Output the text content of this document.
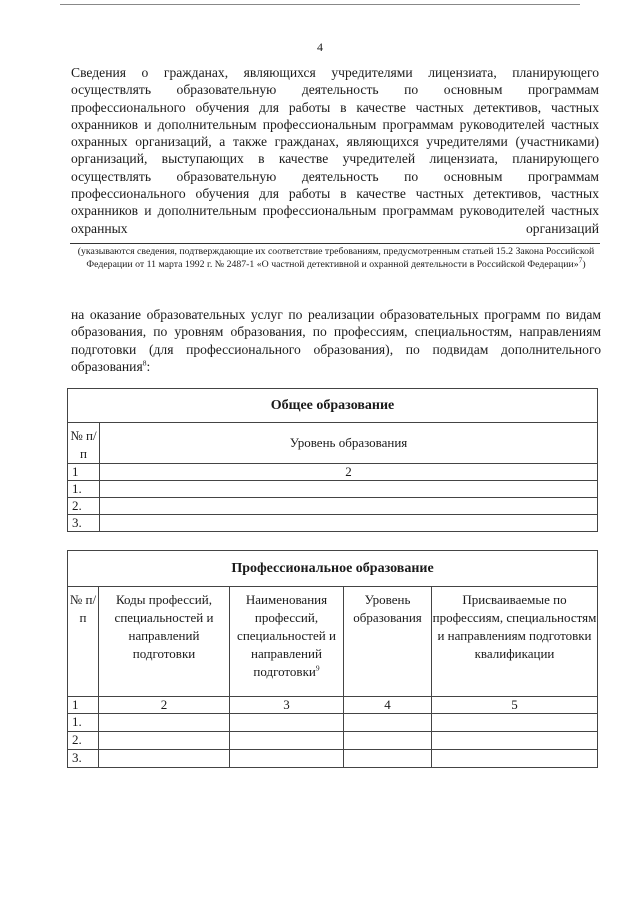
4

Сведения о гражданах, являющихся учредителями лицензиата, планирующего осуществлять образовательную деятельность по основным программам профессионального обучения для работы в качестве частных детективов, частных охранников и дополнительным профессиональным программам руководителей частных охранных организаций, а также гражданах, являющихся учредителями (участниками) организаций, выступающих в качестве учредителей лицензиата, планирующего осуществлять образовательную деятельность по основным программам профессионального обучения для работы в качестве частных детективов, частных охранников и дополнительным профессиональным программам руководителей частных охранных организаций

(указываются сведения, подтверждающие их соответствие требованиям, предусмотренным статьей 15.2 Закона Российской Федерации от 11 марта 1992 г. № 2487-1 «О частной детективной и охранной деятельности в Российской Федерации»$^7$)

на оказание образовательных услуг по реализации образовательных программ по видам образования, по уровням образования, по профессиям, специальностям, направлениям подготовки (для профессионального образования), по подвидам дополнительного образования$^8$:

Общее образование	
№ п/п	Уровень образования
1	2
1.	
2.	
3.	
Профессиональное образование				
№ п/п	Коды профессий, специальностей и направлений подготовки	Наименования профессий, специальностей и направлений подготовки$^9$	Уровень образования	Присваиваемые по профессиям, специальностям и направлениям подготовки квалификации
1	2	3	4	5
1.				
2.				
3.				
